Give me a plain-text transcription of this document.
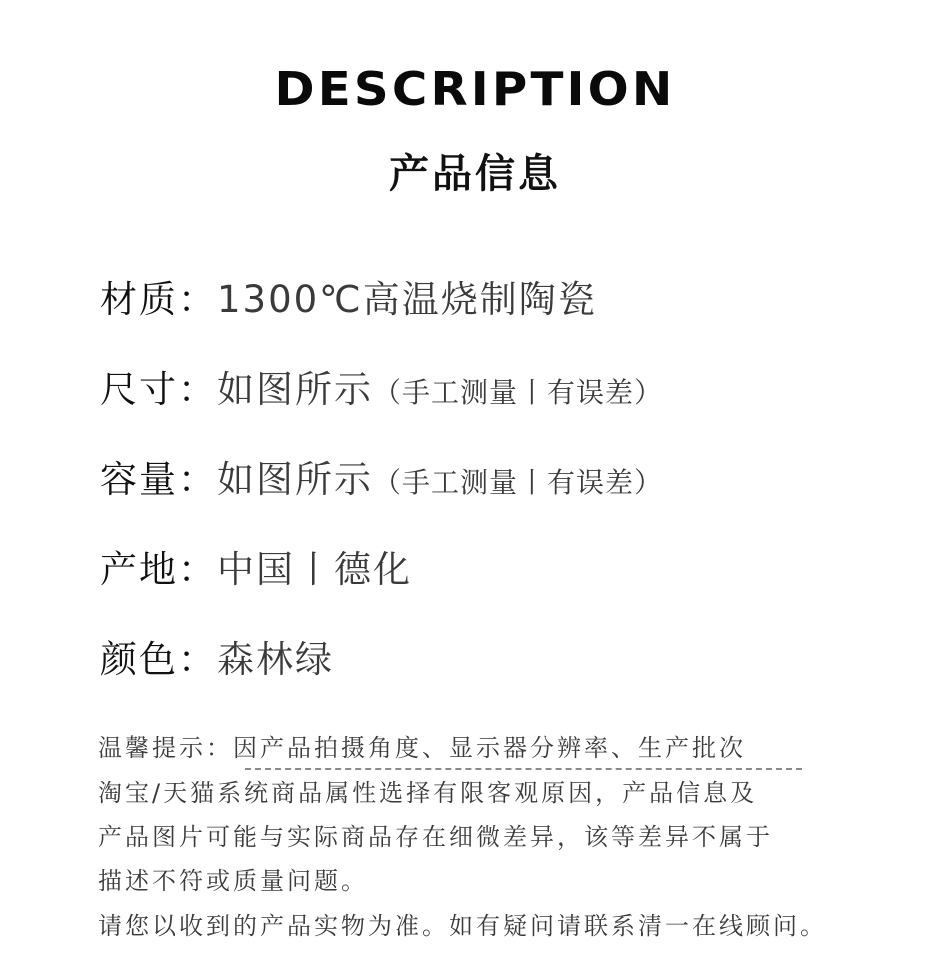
DESCRIPTION
产品信息
材质：1300℃高温烧制陶瓷
尺寸：如图所示（手工测量丨有误差）
容量：如图所示（手工测量丨有误差）
产地：中国丨德化
颜色：森林绿
温馨提示：因产品拍摄角度、显示器分辨率、生产批次
淘宝/天猫系统商品属性选择有限客观原因，产品信息及
产品图片可能与实际商品存在细微差异，该等差异不属于
描述不符或质量问题。
请您以收到的产品实物为准。如有疑问请联系清一在线顾问。
